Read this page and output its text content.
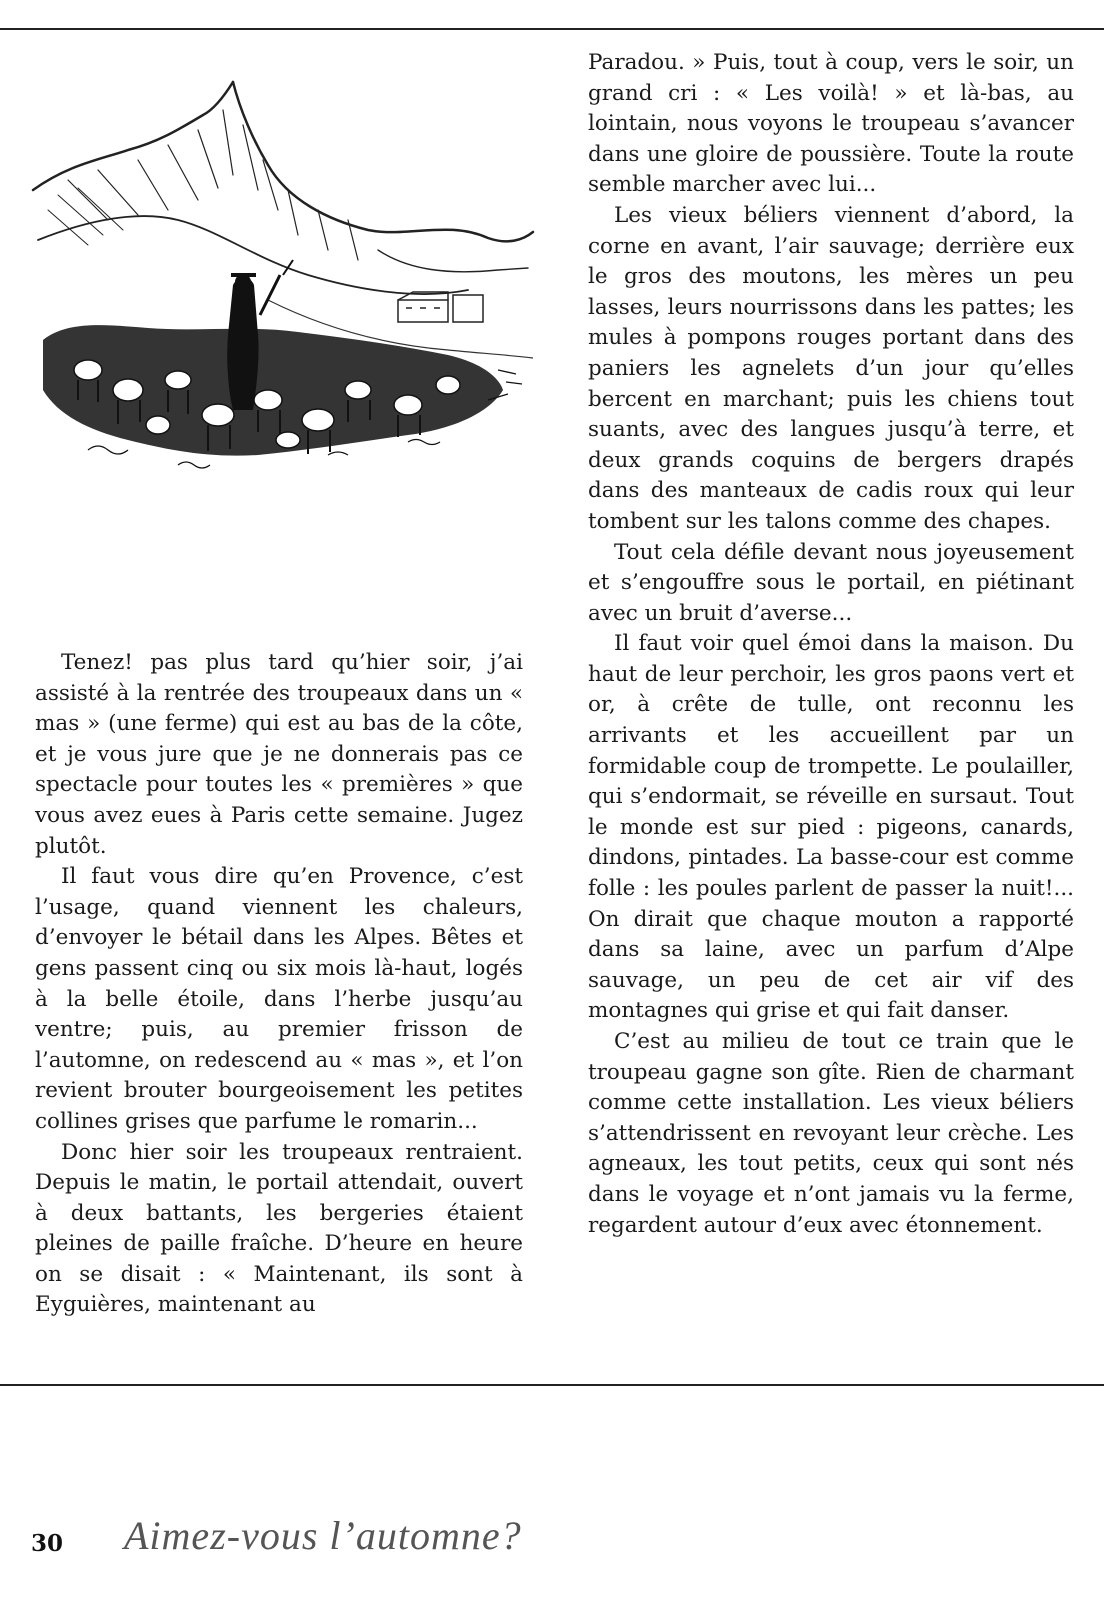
Tenez! pas plus tard qu’hier soir, j’ai assisté à la rentrée des troupeaux dans un « mas » (une ferme) qui est au bas de la côte, et je vous jure que je ne donnerais pas ce spectacle pour toutes les « premières » que vous avez eues à Paris cette semaine. Jugez plutôt.

Il faut vous dire qu’en Provence, c’est l’usage, quand viennent les chaleurs, d’envoyer le bétail dans les Alpes. Bêtes et gens passent cinq ou six mois là-haut, logés à la belle étoile, dans l’herbe jusqu’au ventre; puis, au premier frisson de l’automne, on redescend au « mas », et l’on revient brouter bourgeoisement les petites collines grises que parfume le romarin...

Donc hier soir les troupeaux rentraient. Depuis le matin, le portail attendait, ouvert à deux battants, les bergeries étaient pleines de paille fraîche. D’heure en heure on se disait : « Maintenant, ils sont à Eyguières, maintenant au

Paradou. » Puis, tout à coup, vers le soir, un grand cri : « Les voilà! » et là-bas, au lointain, nous voyons le troupeau s’avancer dans une gloire de poussière. Toute la route semble marcher avec lui...

Les vieux béliers viennent d’abord, la corne en avant, l’air sauvage; derrière eux le gros des moutons, les mères un peu lasses, leurs nourrissons dans les pattes; les mules à pompons rouges portant dans des paniers les agnelets d’un jour qu’elles bercent en marchant; puis les chiens tout suants, avec des langues jusqu’à terre, et deux grands coquins de bergers drapés dans des manteaux de cadis roux qui leur tombent sur les talons comme des chapes.

Tout cela défile devant nous joyeusement et s’engouffre sous le portail, en piétinant avec un bruit d’averse...

Il faut voir quel émoi dans la maison. Du haut de leur perchoir, les gros paons vert et or, à crête de tulle, ont reconnu les arrivants et les accueillent par un formidable coup de trompette. Le poulailler, qui s’endormait, se réveille en sursaut. Tout le monde est sur pied : pigeons, canards, dindons, pintades. La basse-cour est comme folle : les poules parlent de passer la nuit!... On dirait que chaque mouton a rapporté dans sa laine, avec un parfum d’Alpe sauvage, un peu de cet air vif des montagnes qui grise et qui fait danser.

C’est au milieu de tout ce train que le troupeau gagne son gîte. Rien de charmant comme cette installation. Les vieux béliers s’attendrissent en revoyant leur crèche. Les agneaux, les tout petits, ceux qui sont nés dans le voyage et n’ont jamais vu la ferme, regardent autour d’eux avec étonnement.

30 Aimez-vous l’automne?
